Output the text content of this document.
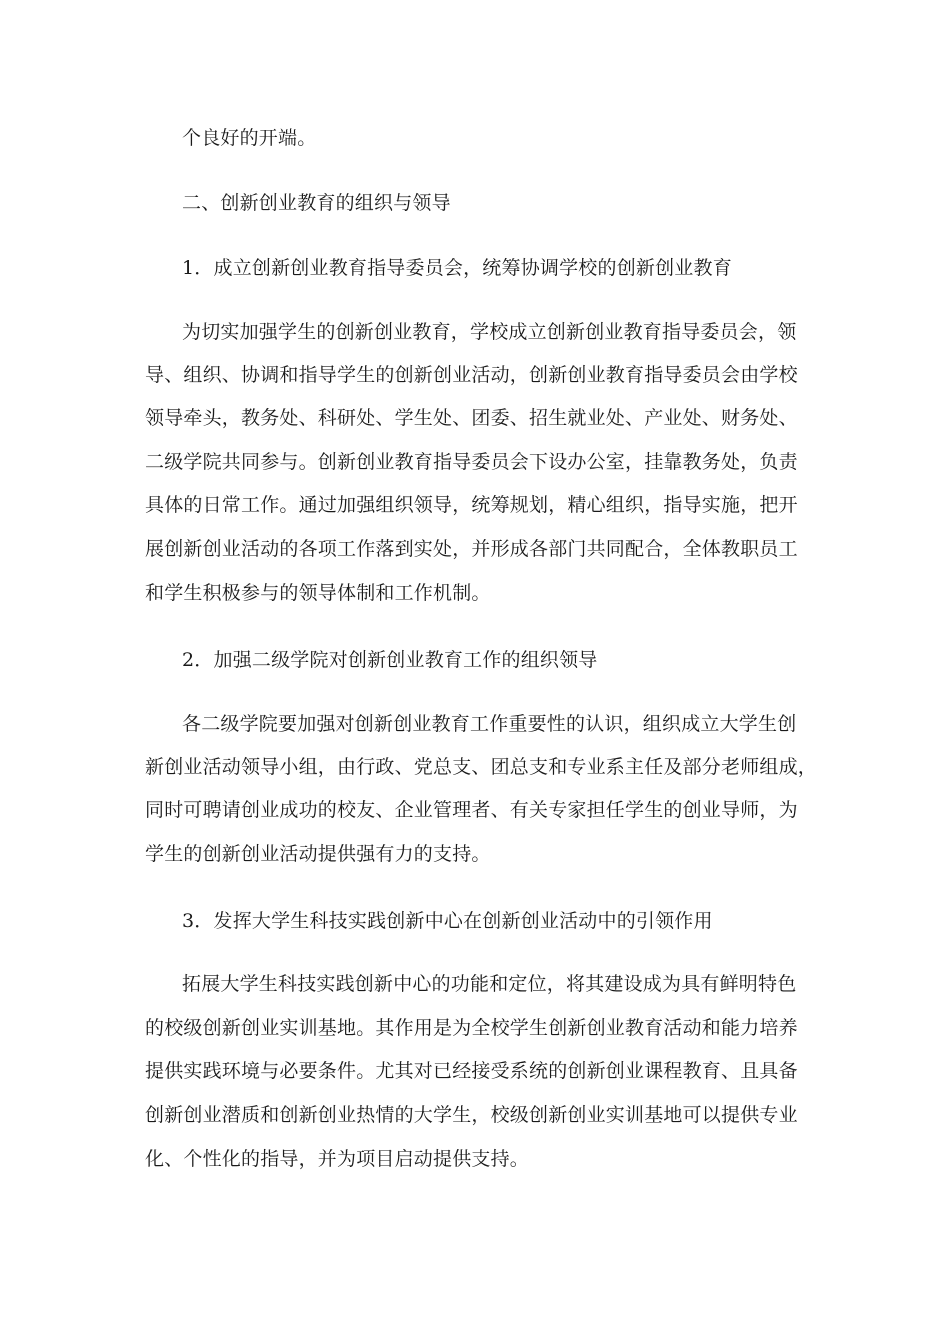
个良好的开端。

二、创新创业教育的组织与领导

1．成立创新创业教育指导委员会，统筹协调学校的创新创业教育

为切实加强学生的创新创业教育，学校成立创新创业教育指导委员会，领

导、组织、协调和指导学生的创新创业活动，创新创业教育指导委员会由学校

领导牵头，教务处、科研处、学生处、团委、招生就业处、产业处、财务处、

二级学院共同参与。创新创业教育指导委员会下设办公室，挂靠教务处，负责

具体的日常工作。通过加强组织领导，统筹规划，精心组织，指导实施，把开

展创新创业活动的各项工作落到实处，并形成各部门共同配合，全体教职员工

和学生积极参与的领导体制和工作机制。

2．加强二级学院对创新创业教育工作的组织领导

各二级学院要加强对创新创业教育工作重要性的认识，组织成立大学生创

新创业活动领导小组，由行政、党总支、团总支和专业系主任及部分老师组成，

同时可聘请创业成功的校友、企业管理者、有关专家担任学生的创业导师，为

学生的创新创业活动提供强有力的支持。

3．发挥大学生科技实践创新中心在创新创业活动中的引领作用

拓展大学生科技实践创新中心的功能和定位，将其建设成为具有鲜明特色

的校级创新创业实训基地。其作用是为全校学生创新创业教育活动和能力培养

提供实践环境与必要条件。尤其对已经接受系统的创新创业课程教育、且具备

创新创业潜质和创新创业热情的大学生，校级创新创业实训基地可以提供专业

化、个性化的指导，并为项目启动提供支持。
